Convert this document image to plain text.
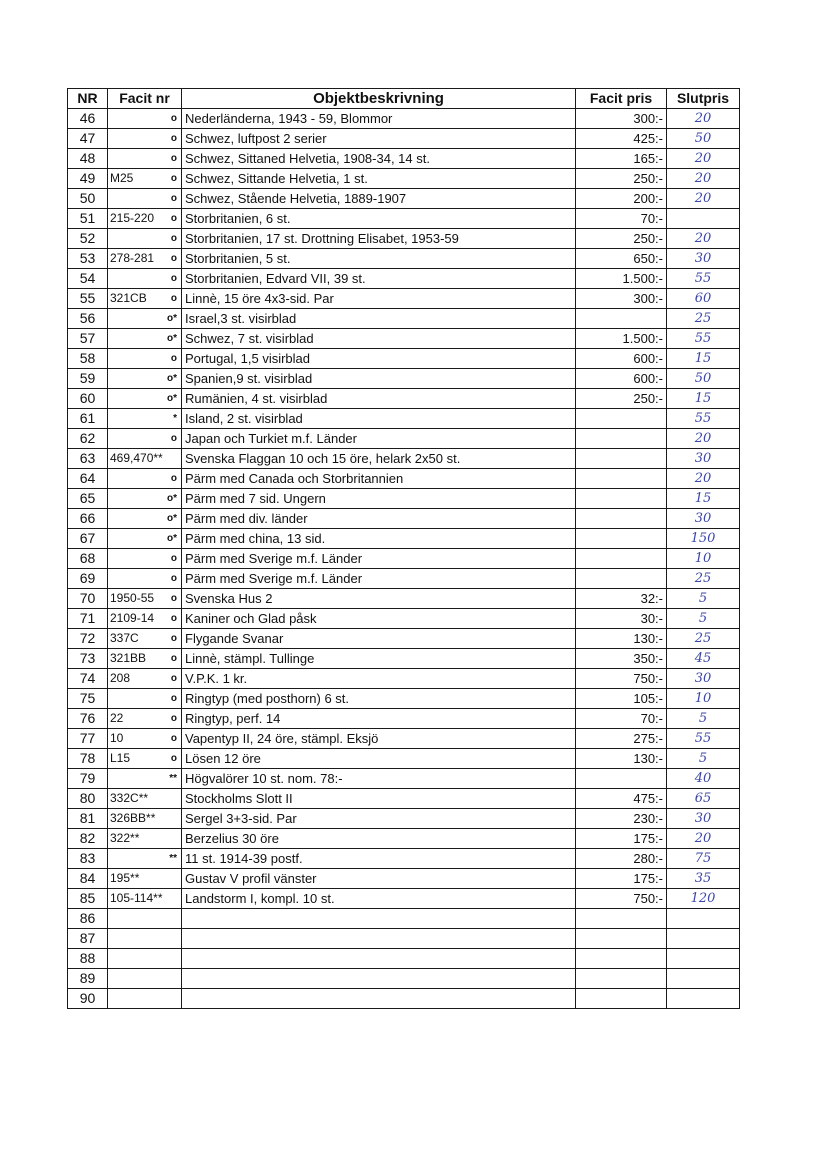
NR	Facit nr	Objektbeskrivning	Facit pris	Slutpris
46	o	Nederländerna, 1943 - 59, Blommor	300:-	20
47	o	Schwez, luftpost 2 serier	425:-	50
48	o	Schwez, Sittaned Helvetia, 1908-34, 14 st.	165:-	20
49	M25 o	Schwez, Sittande Helvetia, 1 st.	250:-	20
50	o	Schwez, Stående Helvetia, 1889-1907	200:-	20
51	215-220 o	Storbritanien, 6 st.	70:-	
52	o	Storbritanien, 17 st. Drottning Elisabet, 1953-59	250:-	20
53	278-281 o	Storbritanien, 5 st.	650:-	30
54	o	Storbritanien, Edvard VII, 39 st.	1.500:-	55
55	321CB o	Linnè, 15 öre 4x3-sid. Par	300:-	60
56	o*	Israel,3 st. visirblad		25
57	o*	Schwez, 7 st. visirblad	1.500:-	55
58	o	Portugal, 1,5 visirblad	600:-	15
59	o*	Spanien,9 st. visirblad	600:-	50
60	o*	Rumänien, 4 st. visirblad	250:-	15
61	*	Island, 2 st. visirblad		55
62	o	Japan och Turkiet m.f. Länder		20
63	469,470**	Svenska Flaggan 10 och 15 öre, helark 2x50 st.		30
64	o	Pärm med Canada och Storbritannien		20
65	o*	Pärm med 7 sid. Ungern		15
66	o*	Pärm med div. länder		30
67	o*	Pärm med china, 13 sid.		150
68	o	Pärm med Sverige m.f. Länder		10
69	o	Pärm med Sverige m.f. Länder		25
70	1950-55 o	Svenska Hus 2	32:-	5
71	2109-14 o	Kaniner och Glad påsk	30:-	5
72	337C o	Flygande Svanar	130:-	25
73	321BB o	Linnè, stämpl. Tullinge	350:-	45
74	208 o	V.P.K. 1 kr.	750:-	30
75	o	Ringtyp (med posthorn) 6 st.	105:-	10
76	22 o	Ringtyp, perf. 14	70:-	5
77	10 o	Vapentyp II, 24 öre, stämpl. Eksjö	275:-	55
78	L15 o	Lösen 12 öre	130:-	5
79	**	Högvalörer 10 st. nom. 78:-		40
80	332C**	Stockholms Slott II	475:-	65
81	326BB**	Sergel 3+3-sid. Par	230:-	30
82	322**	Berzelius 30 öre	175:-	20
83	**	11 st. 1914-39 postf.	280:-	75
84	195**	Gustav V profil vänster	175:-	35
85	105-114**	Landstorm I, kompl. 10 st.	750:-	120
86	

87	

88	

89	

90	
